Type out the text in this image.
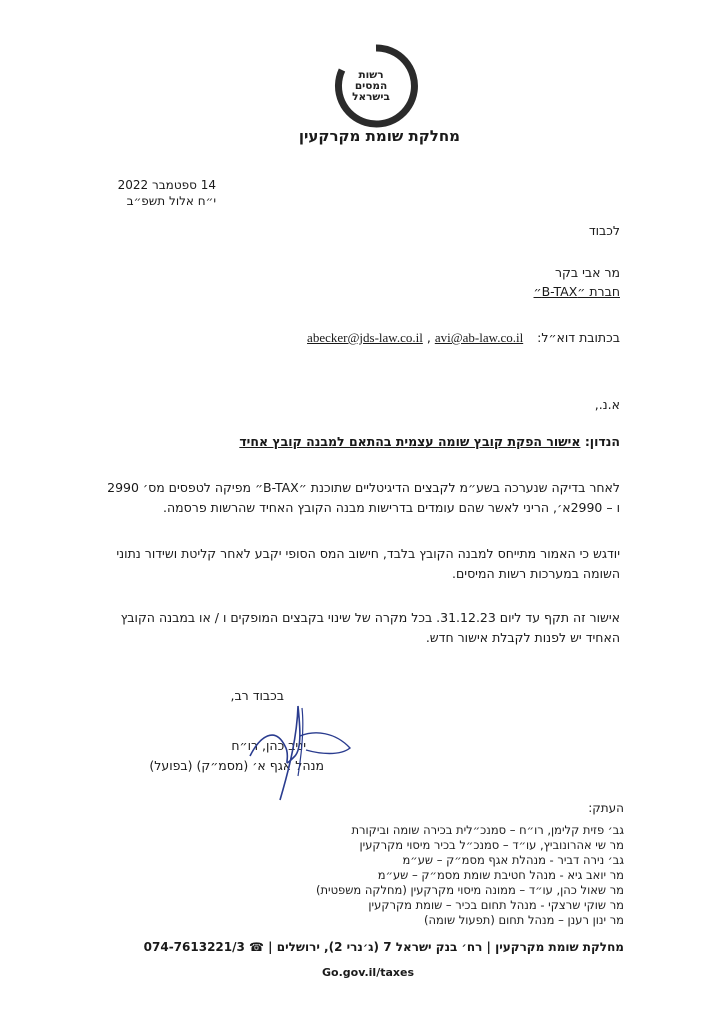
רשות
המסים
בישראל
מחלקת שומת מקרקעין
14 ספטמבר 2022
י״ח אלול תשפ״ב
לכבוד
מר אבי בקר
חברת ״B-TAX״
בכתובת דוא״ל:  abecker@jds-law.co.il , avi@ab-law.co.il
א.נ.,
הנדון: אישור הפקת קובץ שומה עצמית בהתאם למבנה קובץ אחיד
לאחר בדיקה שנערכה בשע״מ לקבצים הדיגיטליים שתוכנת ״B-TAX״ מפיקה לטפסים מס׳ 2990 ו – 2990א׳, הריני לאשר שהם עומדים בדרישות מבנה הקובץ האחיד שהרשות פרסמה.
יודגש כי האמור מתייחס למבנה הקובץ בלבד, חישוב המס הסופי יקבע לאחר קליטת ושידור נתוני השומה במערכות רשות המיסים.
אישור זה תקף עד ליום 31.12.23. בכל מקרה של שינוי בקבצים המופקים ו / או במבנה הקובץ האחיד יש לפנות לקבלת אישור חדש.
בכבוד רב,
יניב כהן, רו״ח
מנהל אגף א׳ (מסמ״ק) (בפועל)
העתק:
גב׳ פזית קלימן, רו״ח – סמנכ״לית בכירה שומה וביקורת
מר שי אהרונוביץ, עו״ד – סמנכ״ל בכיר מיסוי מקרקעין
גב׳ נירה דביר - מנהלת אגף מסמ״ק – שע״מ
מר יואב גיא - מנהל חטיבת שומת מסמ״ק – שע״מ
מר שאול כהן, עו״ד – ממונה מיסוי מקרקעין (מחלקה משפטית)
מר שוקי שרצקי - מנהל תחום בכיר – שומת מקרקעין
מר ינון רענן – מנהל תחום (תפעול שומה)
מחלקת שומת מקרקעין | רח׳ בנק ישראל 7 (ג׳נרי 2), ירושלים | ☎ 074-7613221/3
Go.gov.il/taxes
